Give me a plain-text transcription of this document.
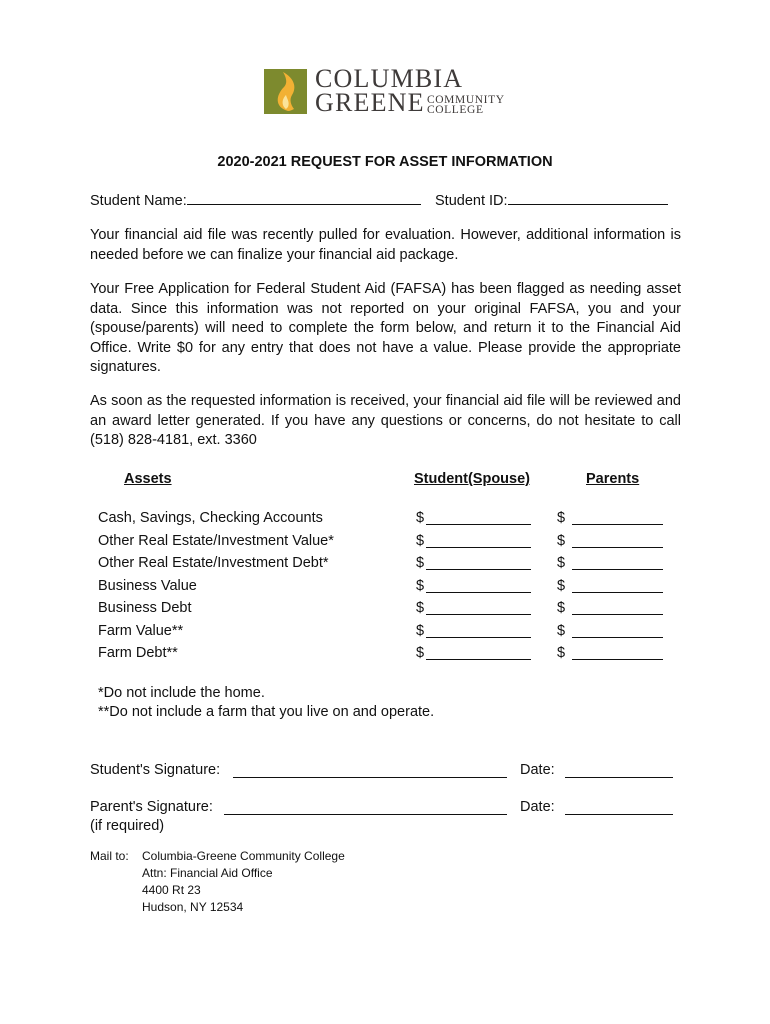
COLUMBIA
GREENE COMMUNITY
COLLEGE
2020-2021 REQUEST FOR ASSET INFORMATION
Student Name:	Student ID:
Your financial aid file was recently pulled for evaluation. However, additional information is needed before we can finalize your financial aid package.
Your Free Application for Federal Student Aid (FAFSA) has been flagged as needing asset data. Since this information was not reported on your original FAFSA, you and your (spouse/parents) will need to complete the form below, and return it to the Financial Aid Office. Write $0 for any entry that does not have a value. Please provide the appropriate signatures.
As soon as the requested information is received, your financial aid file will be reviewed and an award letter generated. If you have any questions or concerns, do not hesitate to call (518) 828-4181, ext. 3360
Assets	Student(Spouse)	Parents
Cash, Savings, Checking Accounts	$	$
Other Real Estate/Investment Value*	$	$
Other Real Estate/Investment Debt*	$	$
Business Value	$	$
Business Debt	$	$
Farm Value**	$	$
Farm Debt**	$	$
*Do not include the home.
**Do not include a farm that you live on and operate.
Student's Signature:	Date:
Parent's Signature:	Date:
(if required)
Mail to: Columbia-Greene Community College
Attn: Financial Aid Office
4400 Rt 23
Hudson, NY 12534
